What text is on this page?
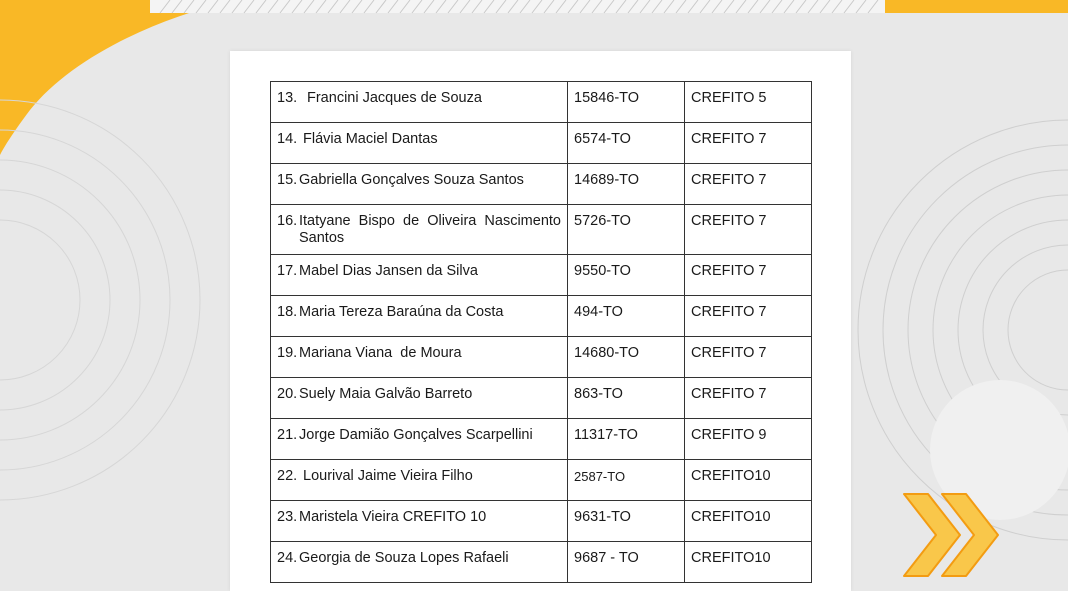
13. Francini Jacques de Souza	15846-TO	CREFITO 5

14. Flávia Maciel Dantas	6574-TO	CREFITO 7

15. Gabriella Gonçalves Souza Santos	14689-TO	CREFITO 7

16. Itatyane Bispo de Oliveira Nascimento Santos	5726-TO	CREFITO 7

17. Mabel Dias Jansen da Silva	9550-TO	CREFITO 7

18. Maria Tereza Baraúna da Costa	494-TO	CREFITO 7

19. Mariana Viana  de Moura	14680-TO	CREFITO 7

20. Suely Maia Galvão Barreto	863-TO	CREFITO 7

21. Jorge Damião Gonçalves Scarpellini	11317-TO	CREFITO 9

22. Lourival Jaime Vieira Filho	2587-TO	CREFITO10

23. Maristela Vieira CREFITO 10	9631-TO	CREFITO10

24. Georgia de Souza Lopes Rafaeli	9687 - TO	CREFITO10
